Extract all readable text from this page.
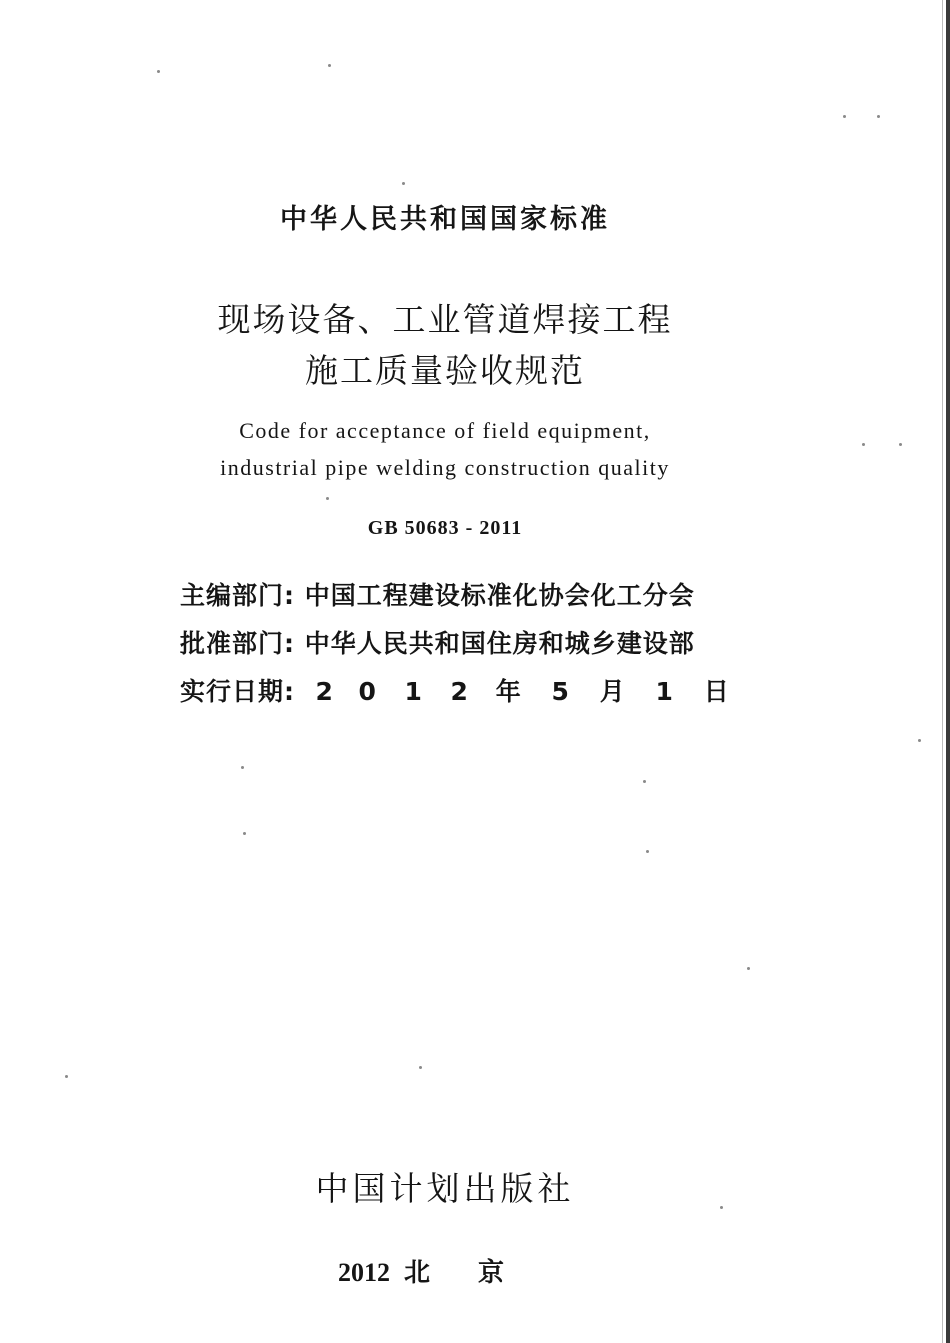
中华人民共和国国家标准
现场设备、工业管道焊接工程
施工质量验收规范
Code for acceptance of field equipment,
industrial pipe welding construction quality
GB 50683 - 2011
主编部门: 中国工程建设标准化协会化工分会
批准部门: 中华人民共和国住房和城乡建设部
实行日期: 2 0 1 2 年 5 月 1 日
中国计划出版社
2012 北京
